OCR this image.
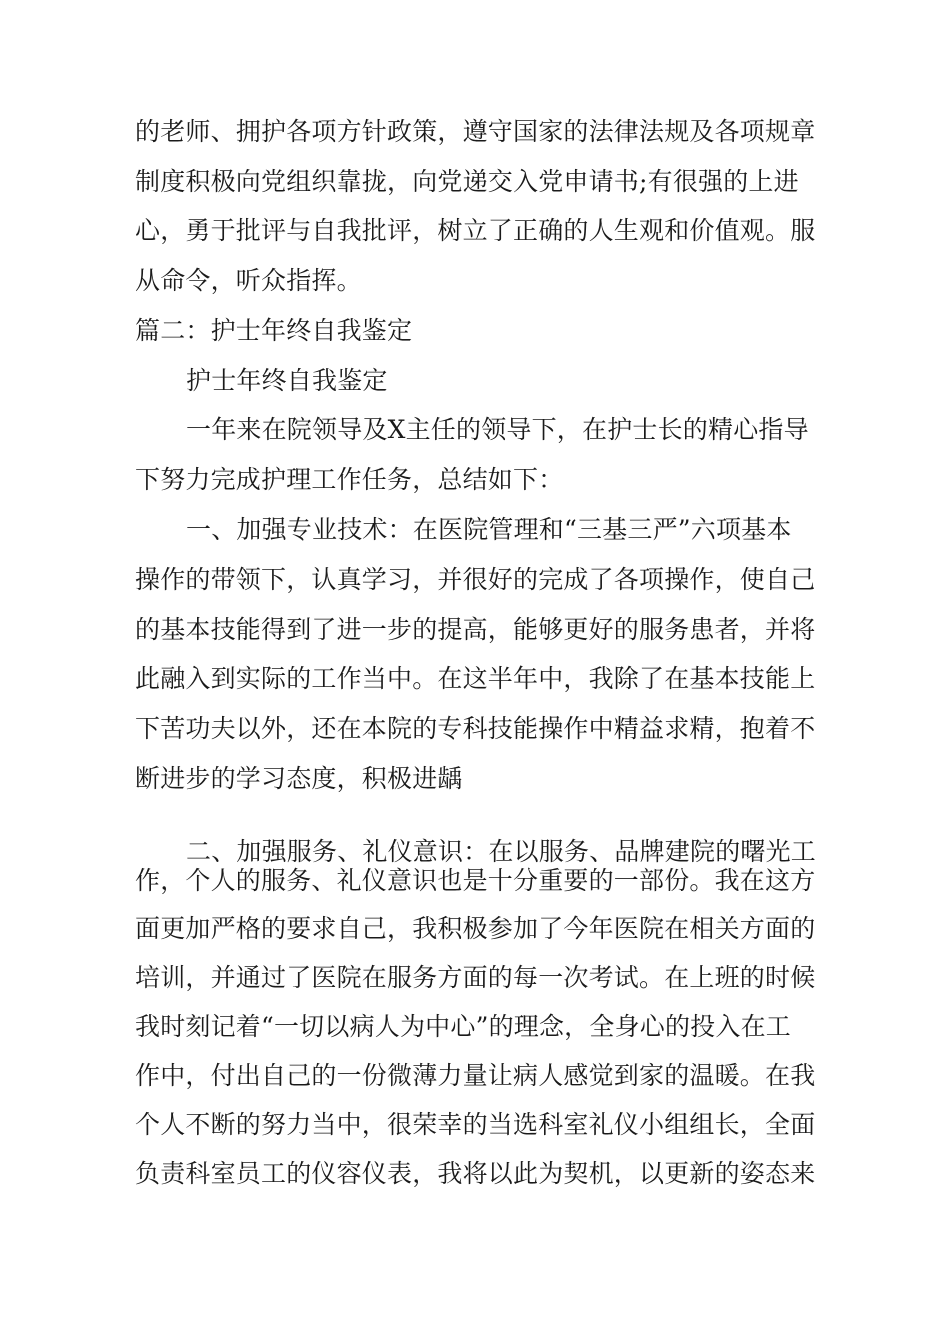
的老师、拥护各项方针政策，遵守国家的法律法规及各项规章
制度积极向党组织靠拢，向党递交入党申请书;有很强的上进
心，勇于批评与自我批评，树立了正确的人生观和价值观。服
从命令，听众指挥。
篇二：护士年终自我鉴定
护士年终自我鉴定
一年来在院领导及X主任的领导下，在护士长的精心指导
下努力完成护理工作任务，总结如下：
一、加强专业技术：在医院管理和“三基三严”六项基本
操作的带领下，认真学习，并很好的完成了各项操作，使自己
的基本技能得到了进一步的提高，能够更好的服务患者，并将
此融入到实际的工作当中。在这半年中，我除了在基本技能上
下苦功夫以外，还在本院的专科技能操作中精益求精，抱着不
断进步的学习态度，积极进龋
二、加强服务、礼仪意识：在以服务、品牌建院的曙光工
作，个人的服务、礼仪意识也是十分重要的一部份。我在这方
面更加严格的要求自己，我积极参加了今年医院在相关方面的
培训，并通过了医院在服务方面的每一次考试。在上班的时候
我时刻记着“一切以病人为中心”的理念，全身心的投入在工
作中，付出自己的一份微薄力量让病人感觉到家的温暖。在我
个人不断的努力当中，很荣幸的当选科室礼仪小组组长，全面
负责科室员工的仪容仪表，我将以此为契机，以更新的姿态来
